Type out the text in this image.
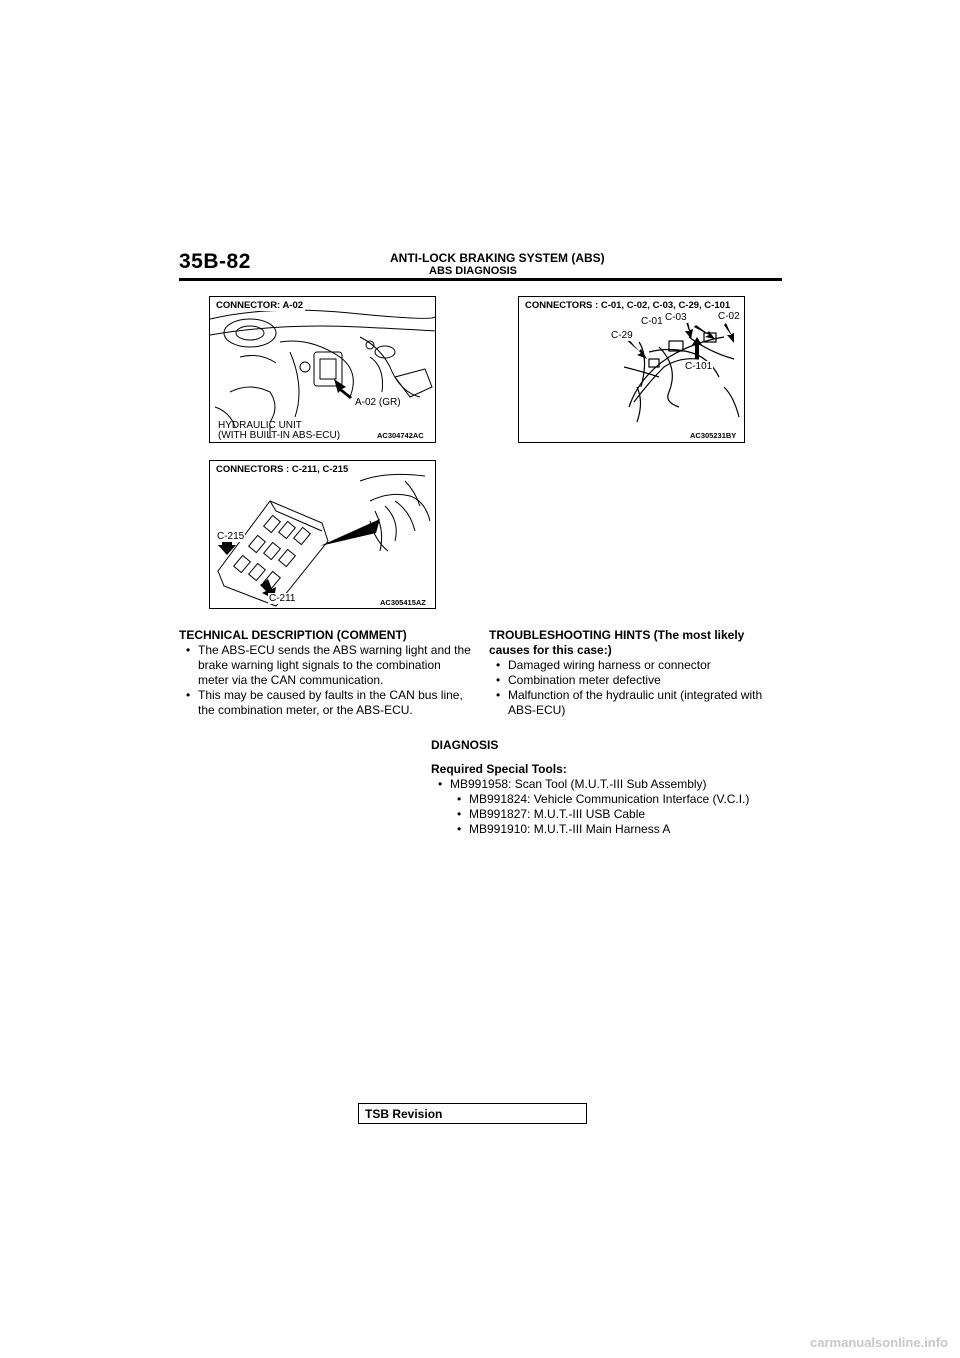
35B-82	ANTI-LOCK BRAKING SYSTEM (ABS)
ABS DIAGNOSIS
CONNECTOR: A-02
A-02 (GR)
HYDRAULIC UNIT
(WITH BUILT-IN ABS-ECU)	AC304742AC
CONNECTORS : C-01, C-02, C-03, C-29, C-101
C-01 C-03	C-02
C-29
C-101
AC305231BY
CONNECTORS : C-211, C-215
C-215
C-211	AC305415AZ
TECHNICAL DESCRIPTION (COMMENT)
• The ABS-ECU sends the ABS warning light and the brake warning light signals to the combination meter via the CAN communication.
• This may be caused by faults in the CAN bus line, the combination meter, or the ABS-ECU.
TROUBLESHOOTING HINTS (The most likely causes for this case:)
• Damaged wiring harness or connector
• Combination meter defective
• Malfunction of the hydraulic unit (integrated with ABS-ECU)
DIAGNOSIS
Required Special Tools:
• MB991958: Scan Tool (M.U.T.-III Sub Assembly)
• MB991824: Vehicle Communication Interface (V.C.I.)
• MB991827: M.U.T.-III USB Cable
• MB991910: M.U.T.-III Main Harness A
TSB Revision
carmanualsonline.info
